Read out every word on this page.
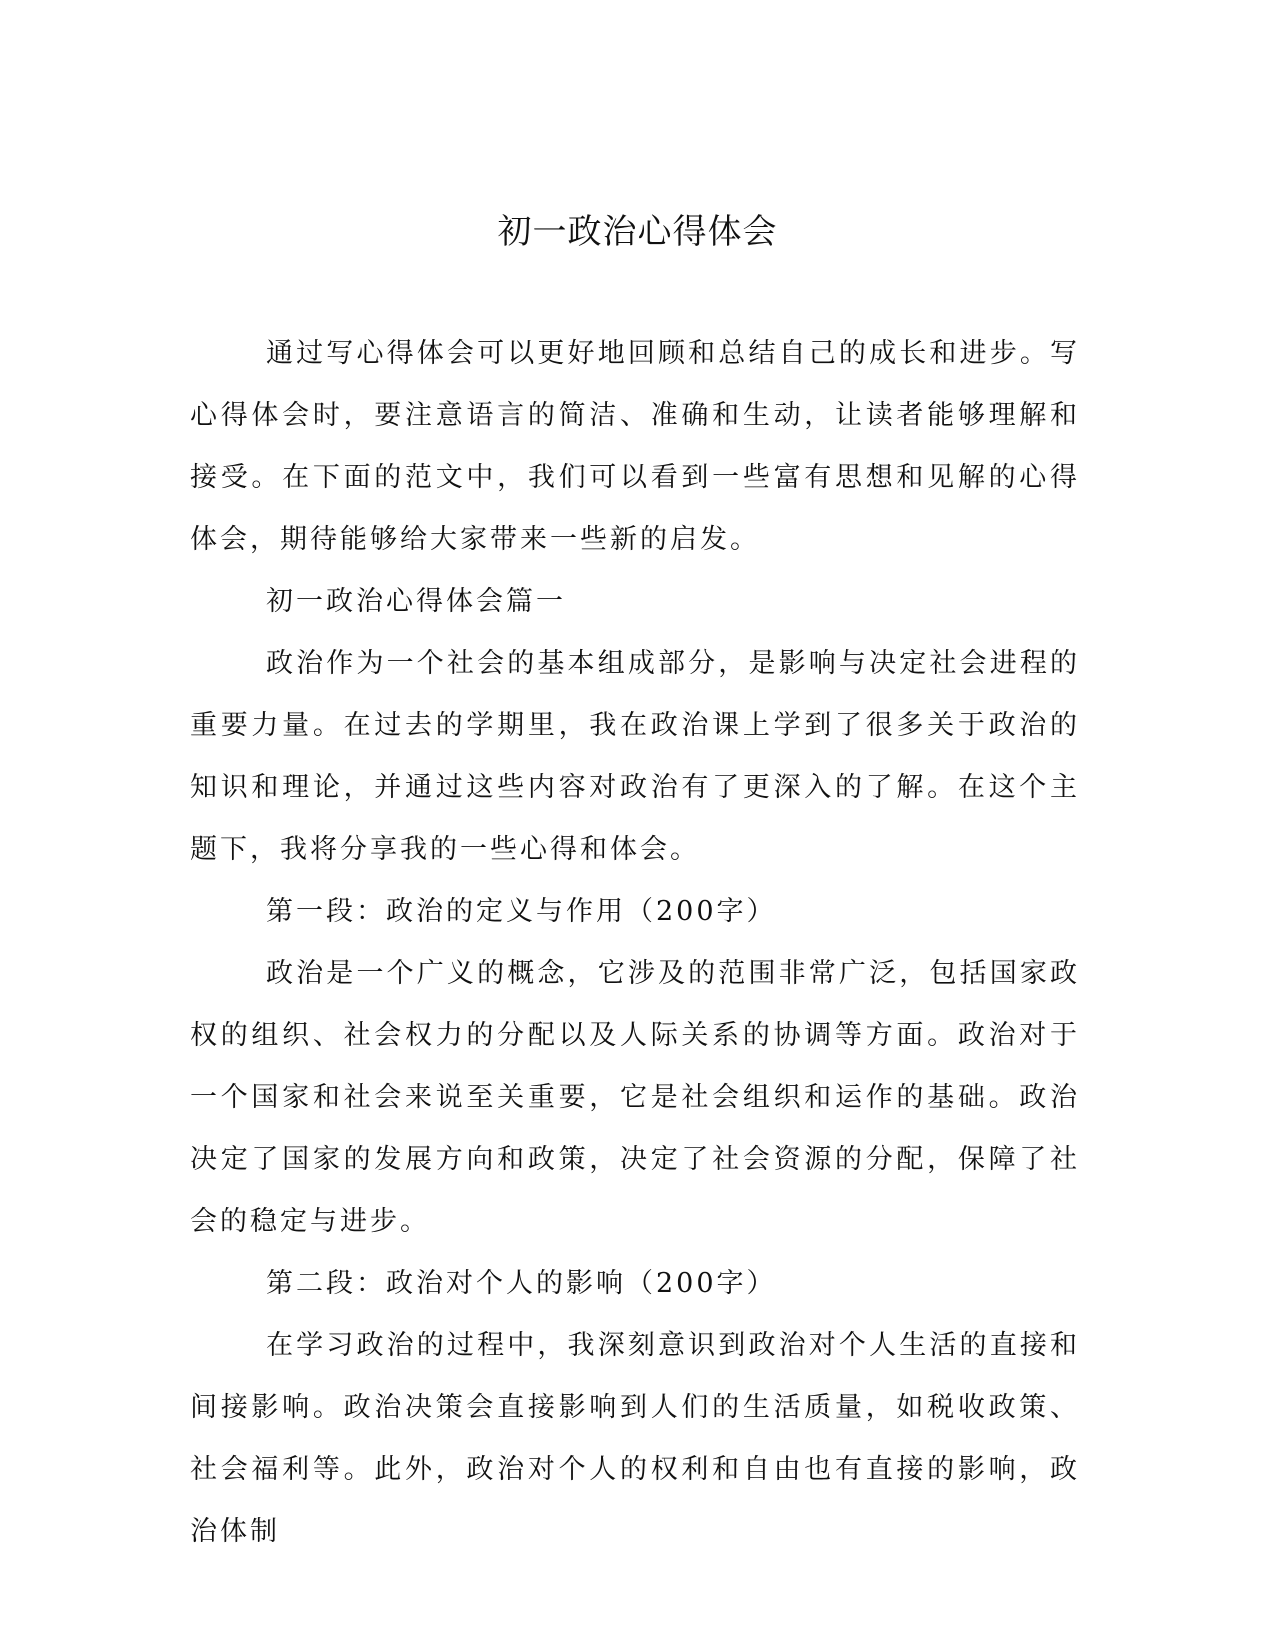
初一政治心得体会

通过写心得体会可以更好地回顾和总结自己的成长和进步。写心得体会时，要注意语言的简洁、准确和生动，让读者能够理解和接受。在下面的范文中，我们可以看到一些富有思想和见解的心得体会，期待能够给大家带来一些新的启发。

初一政治心得体会篇一

政治作为一个社会的基本组成部分，是影响与决定社会进程的重要力量。在过去的学期里，我在政治课上学到了很多关于政治的知识和理论，并通过这些内容对政治有了更深入的了解。在这个主题下，我将分享我的一些心得和体会。

第一段：政治的定义与作用（200字）

政治是一个广义的概念，它涉及的范围非常广泛，包括国家政权的组织、社会权力的分配以及人际关系的协调等方面。政治对于一个国家和社会来说至关重要，它是社会组织和运作的基础。政治决定了国家的发展方向和政策，决定了社会资源的分配，保障了社会的稳定与进步。

第二段：政治对个人的影响（200字）

在学习政治的过程中，我深刻意识到政治对个人生活的直接和间接影响。政治决策会直接影响到人们的生活质量，如税收政策、社会福利等。此外，政治对个人的权利和自由也有直接的影响，政治体制
